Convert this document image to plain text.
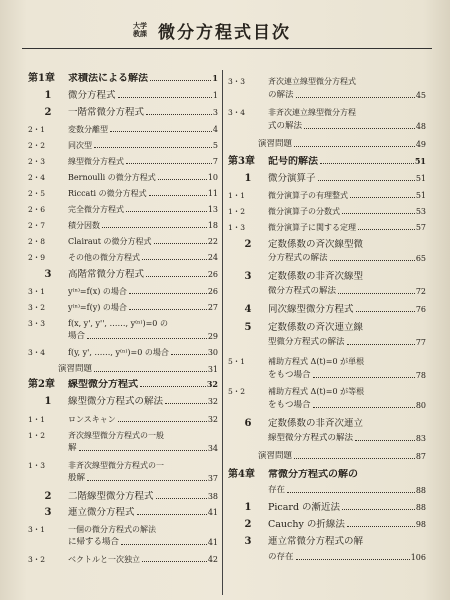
大学
教課 微分方程式目次
第1章	求積法による解法	1
1	微分方程式	1
2	一階常微分方程式	3
2・1	変数分離型	4
2・2	同次型	5
2・3	線型微分方程式	7
2・4	Bernoulli の微分方程式	10
2・5	Riccati の微分方程式	11
2・6	完全微分方程式	13
2・7	積分因数	18
2・8	Clairaut の微分方程式	22
2・9	その他の微分方程式	24
3	高階常微分方程式	26
3・1	y⁽ⁿ⁾=f(x) の場合	26
3・2	y⁽ⁿ⁾=f(y) の場合	27
3・3	f(x, y', y'', ……, y⁽ⁿ⁾)=0 の
場合	29
3・4	f(y, y', ……, y⁽ⁿ⁾)=0 の場合	30
演習問題	31
第2章	線型微分方程式	32
1	線型微分方程式の解法	32
1・1	ロンスキャン	32
1・2	斉次線型微分方程式の一般
解	34
1・3	非斉次線型微分方程式の一
般解	37
2	二階線型微分方程式	38
3	連立微分方程式	41
3・1	一個の微分方程式の解法
に帰する場合	41
3・2	ベクトルと一次独立	42
3・3	斉次連立線型微分方程式
の解法	45
3・4	非斉次連立線型微分方程
式の解法	48
演習問題	49
第3章	記号的解法	51
1	微分演算子	51
1・1	微分演算子の有理整式	51
1・2	微分演算子の分数式	53
1・3	微分演算子に関する定理	57
2	定数係数の斉次線型微
分方程式の解法	65
3	定数係数の非斉次線型
微分方程式の解法	72
4	同次線型微分方程式	76
5	定数係数の斉次連立線
型微分方程式の解法	77
5・1	補助方程式 Δ(t)=0 が単根
をもつ場合	78
5・2	補助方程式 Δ(t)=0 が等根
をもつ場合	80
6	定数係数の非斉次連立
線型微分方程式の解法	83
演習問題	87
第4章	常微分方程式の解の
存在	88
1	Picard の漸近法	88
2	Cauchy の折線法	98
3	連立常微分方程式の解
の存在	106
